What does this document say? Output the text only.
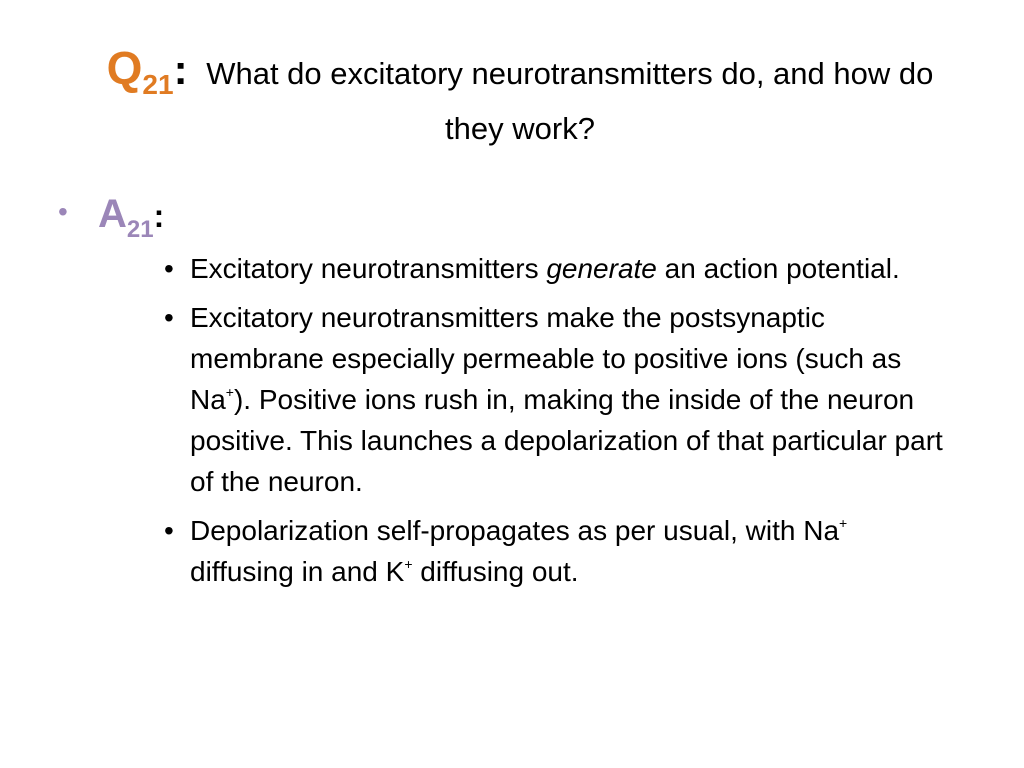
Q21: What do excitatory neurotransmitters do, and how do they work?
• $A_{21}$:
• Excitatory neurotransmitters generate an action potential.
• Excitatory neurotransmitters make the postsynaptic membrane especially permeable to positive ions (such as Na+). Positive ions rush in, making the inside of the neuron positive. This launches a depolarization of that particular part of the neuron.
• Depolarization self-propagates as per usual, with Na+ diffusing in and K+ diffusing out.
